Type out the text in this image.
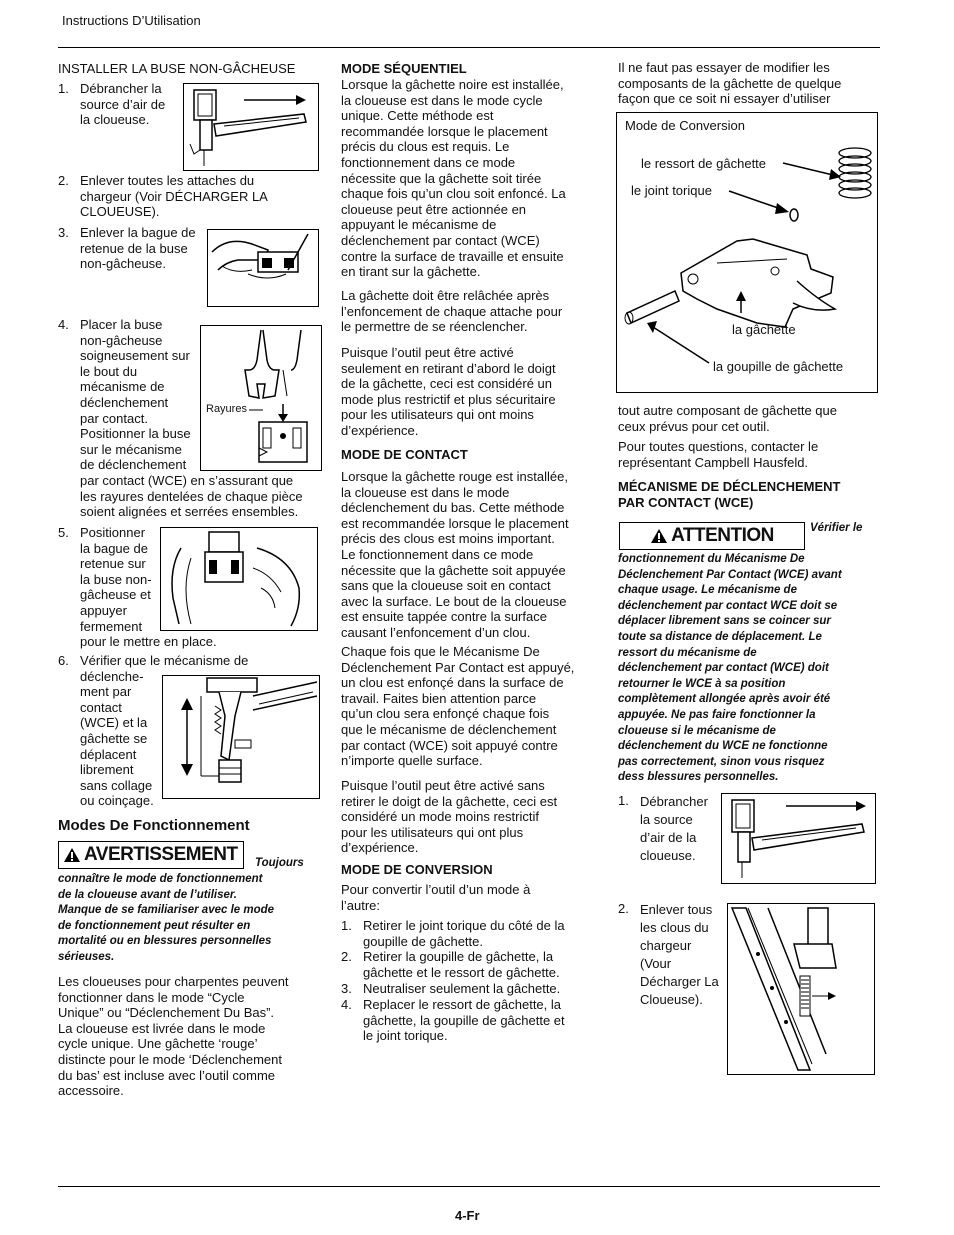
Instructions D’Utilisation
INSTALLER LA BUSE NON-GÂCHEUSE
1. Débrancher la
source d’air de
la cloueuse.
2. Enlever toutes les attaches du
chargeur (Voir DÉCHARGER LA
CLOUEUSE).
3. Enlever la bague de
retenue de la buse
non-gâcheuse.
4. Placer la buse
non-gâcheuse
soigneusement sur
le bout du
mécanisme de
déclenchement
par contact.
Positionner la buse
sur le mécanisme
de déclenchement
par contact (WCE) en s’assurant que
les rayures dentelées de chaque pièce
soient alignées et serrées ensembles.
Rayures
5. Positionner
la bague de
retenue sur
la buse non-
gâcheuse et
appuyer
fermement
pour le mettre en place.
6. Vérifier que le mécanisme de
déclenche-
ment par
contact
(WCE) et la
gâchette se
déplacent
librement
sans collage
ou coinçage.
Modes De Fonctionnement
AVERTISSEMENT Toujours
connaître le mode de fonctionnement
de la cloueuse avant de l’utiliser.
Manque de se familiariser avec le mode
de fonctionnement peut résulter en
mortalité ou en blessures personnelles
sérieuses.
Les cloueuses pour charpentes peuvent
fonctionner dans le mode “Cycle
Unique” ou “Déclenchement Du Bas”.
La cloueuse est livrée dans le mode
cycle unique. Une gâchette ‘rouge’
distincte pour le mode ‘Déclenchement
du bas’ est incluse avec l’outil comme
accessoire.
MODE SÉQUENTIEL
Lorsque la gâchette noire est installée,
la cloueuse est dans le mode cycle
unique. Cette méthode est
recommandée lorsque le placement
précis du clous est requis. Le
fonctionnement dans ce mode
nécessite que la gâchette soit tirée
chaque fois qu’un clou soit enfoncé. La
cloueuse peut être actionnée en
appuyant le mécanisme de
déclenchement par contact (WCE)
contre la surface de travaille et ensuite
en tirant sur la gâchette.
La gâchette doit être relâchée après
l’enfoncement de chaque attache pour
le permettre de se réenclencher.
Puisque l’outil peut être activé
seulement en retirant d’abord le doigt
de la gâchette, ceci est considéré un
mode plus restrictif et plus sécuritaire
pour les utilisateurs qui ont moins
d’expérience.
MODE DE CONTACT
Lorsque la gâchette rouge est installée,
la cloueuse est dans le mode
déclenchement du bas. Cette méthode
est recommandée lorsque le placement
précis des clous est moins important.
Le fonctionnement dans ce mode
nécessite que la gâchette soit appuyée
sans que la cloueuse soit en contact
avec la surface. Le bout de la cloueuse
est ensuite tappée contre la surface
causant l’enfoncement d’un clou.
Chaque fois que le Mécanisme De
Déclenchement Par Contact est appuyé,
un clou est enfonçé dans la surface de
travail. Faites bien attention parce
qu’un clou sera enfonçé chaque fois
que le mécanisme de déclenchement
par contact (WCE) soit appuyé contre
n’importe quelle surface.
Puisque l’outil peut être activé sans
retirer le doigt de la gâchette, ceci est
considéré un mode moins restrictif
pour les utilisateurs qui ont plus
d’expérience.
MODE DE CONVERSION
Pour convertir l’outil d’un mode à
l’autre:
1. Retirer le joint torique du côté de la
goupille de gâchette.
2. Retirer la goupille de gâchette, la
gâchette et le ressort de gâchette.
3. Neutraliser seulement la gâchette.
4. Replacer le ressort de gâchette, la
gâchette, la goupille de gâchette et
le joint torique.
Il ne faut pas essayer de modifier les
composants de la gâchette de quelque
façon que ce soit ni essayer d’utiliser
Mode de Conversion
le ressort de gâchette
le joint torique
la gâchette
la goupille de gâchette
tout autre composant de gâchette que
ceux prévus pour cet outil.
Pour toutes questions, contacter le
représentant Campbell Hausfeld.
MÉCANISME DE DÉCLENCHEMENT
PAR CONTACT (WCE)
ATTENTION	Vérifier le
fonctionnement du Mécanisme De
Déclenchement Par Contact (WCE) avant
chaque usage. Le mécanisme de
déclenchement par contact WCE doit se
déplacer librement sans se coincer sur
toute sa distance de déplacement. Le
ressort du mécanisme de
déclenchement par contact (WCE) doit
retourner le WCE à sa position
complètement allongée après avoir été
appuyée. Ne pas faire fonctionner la
cloueuse si le mécanisme de
déclenchement du WCE ne fonctionne
pas correctement, sinon vous risquez
dess blessures personnelles.
1. Débrancher
la source
d’air de la
cloueuse.
2. Enlever tous
les clous du
chargeur
(Vour
Décharger La
Cloueuse).
4-Fr
